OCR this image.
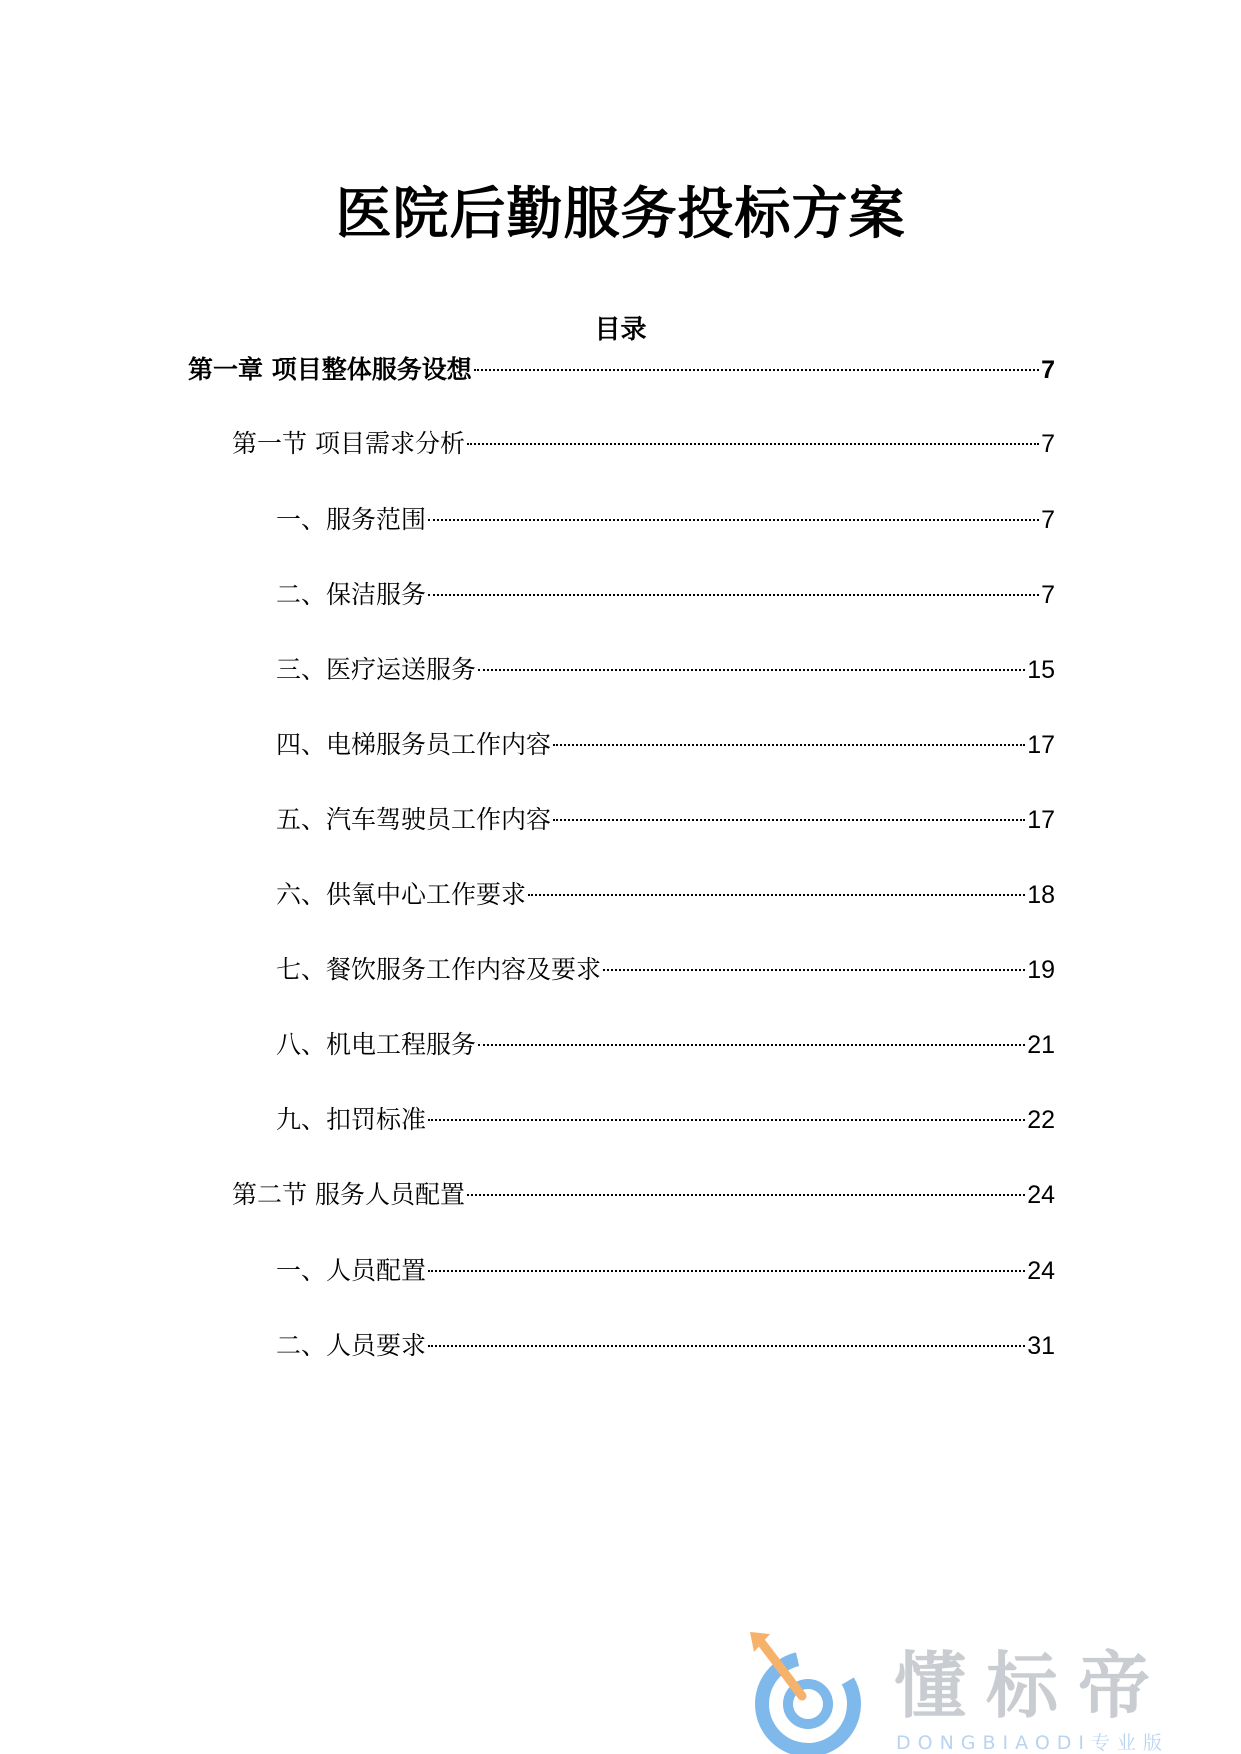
医院后勤服务投标方案
目录
第一章 项目整体服务设想	7
第一节 项目需求分析	7
一、服务范围	7
二、保洁服务	7
三、医疗运送服务	15
四、电梯服务员工作内容	17
五、汽车驾驶员工作内容	17
六、供氧中心工作要求	18
七、餐饮服务工作内容及要求	19
八、机电工程服务	21
九、扣罚标准	22
第二节 服务人员配置	24
一、人员配置	24
二、人员要求	31
懂标帝
DONGBIAODI专业版
